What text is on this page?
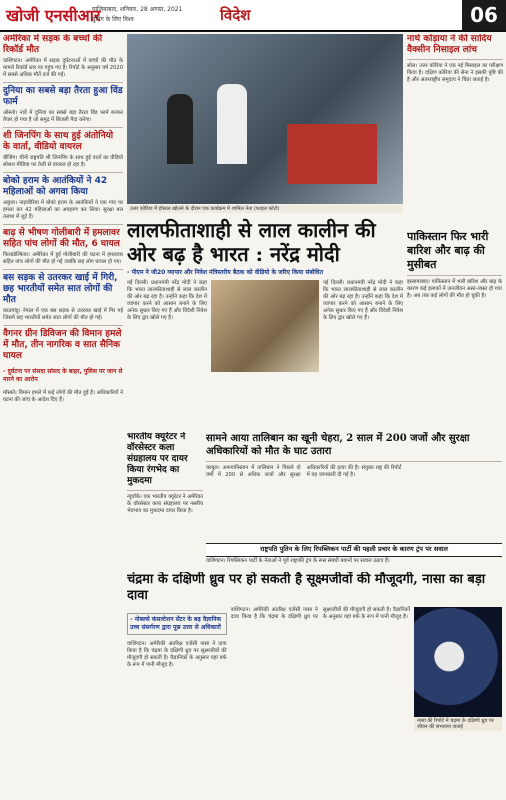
खोजी एनसीआर
गाजियाबाद, शनिवार, 28 अगस्त, 2021
ग्रुपिंग के लिए विश्व	विदेश	06

अमेरिका में सड़क के बच्चों की रिकॉर्ड मौत

वाशिंगटन। अमेरिका में सड़क दुर्घटनाओं में बच्चों की मौत के मामले रिकॉर्ड स्तर पर पहुंच गए हैं। रिपोर्ट के अनुसार वर्ष 2020 में सबसे अधिक मौतें दर्ज की गईं।

दुनिया का सबसे बड़ा तैरता हुआ विंड फार्म

ओस्लो। नार्वे में दुनिया का सबसे बड़ा तैरता विंड फार्म बनकर तैयार हो गया है जो समुद्र में बिजली पैदा करेगा।

शी जिनपिंग के साथ हुई अंतोनियो के वार्ता, वीडियो वायरल

बीजिंग। चीनी राष्ट्रपति शी जिनपिंग के साथ हुई वार्ता का वीडियो सोशल मीडिया पर तेजी से वायरल हो रहा है।

बोको हराम के आतंकियों ने 42 महिलाओं को अगवा किया

अबुजा। नाइजीरिया में बोको हराम के आतंकियों ने एक गांव पर हमला कर 42 महिलाओं का अपहरण कर लिया। सुरक्षा बल तलाश में जुटे हैं।

बाढ़ से भीषण गोलीबारी में हमलावर सहित पांच लोगों की मौत, 6 घायल

फिलाडेल्फिया। अमेरिका में हुई गोलीबारी की घटना में हमलावर सहित पांच लोगों की मौत हो गई जबकि छह लोग घायल हो गए।

बस सड़क से उतरकर खाई में गिरी, छह भारतीयों समेत सात लोगों की मौत

काठमांडू। नेपाल में एक बस सड़क से उतरकर खाई में गिर गई जिसमें छह भारतीयों समेत सात लोगों की मौत हो गई।

वैगनर ग्रीन डिविजन की विमान हमले में मौत, तीन नागरिक व सात सैनिक घायल

- दुर्घटना पर संसदा सांसद के बाहर, पुलिस पर जान से मारने का आरोप

मॉस्को। विमान हमले में कई लोगों की मौत हुई है। अधिकारियों ने घटना की जांच के आदेश दिए हैं।

उत्तर कोरिया में हॉस्टल खोलने के दौरान एक कार्यक्रम में शामिल नेता (फाइल फोटो)
लालफीताशाही से लाल कालीन की ओर बढ़ है भारत : नरेंद्र मोदी

- पीएम ने जी20 व्यापार और निवेश मंत्रिस्तरीय बैठक को वीडियो के जरिए किया संबोधित

नई दिल्ली। प्रधानमंत्री नरेंद्र मोदी ने कहा कि भारत लालफीताशाही से लाल कालीन की ओर बढ़ रहा है। उन्होंने कहा कि देश में व्यापार करने को आसान बनाने के लिए अनेक सुधार किए गए हैं और विदेशी निवेश के लिए द्वार खोले गए हैं।

नई दिल्ली। प्रधानमंत्री नरेंद्र मोदी ने कहा कि भारत लालफीताशाही से लाल कालीन की ओर बढ़ रहा है। उन्होंने कहा कि देश में व्यापार करने को आसान बनाने के लिए अनेक सुधार किए गए हैं और विदेशी निवेश के लिए द्वार खोले गए हैं।

भारतीय क्यूरेटर ने वॉरसेस्टर कला संग्रहालय पर दायर किया रंगभेद का मुकदमा

न्यूयॉर्क। एक भारतीय क्यूरेटर ने अमेरिका के वॉरसेस्टर कला संग्रहालय पर नस्लीय भेदभाव का मुकदमा दायर किया है।

सामने आया तालिबान का खूनी चेहरा, 2 साल में 200 जजों और सुरक्षा अधिकारियों को मौत के घाट उतारा

काबुल। अफगानिस्तान में तालिबान ने पिछले दो वर्षों में 200 से अधिक जजों और सुरक्षा अधिकारियों की हत्या की है। संयुक्त राष्ट्र की रिपोर्ट में यह जानकारी दी गई है।

राष्ट्रपति पुतिन के लिए रिपब्लिकन पार्टी की पहली प्रचार के कारण ट्रंप पर सवाल

वाशिंगटन। रिपब्लिकन पार्टी के नेताओं ने पूर्व राष्ट्रपति ट्रंप के रूस संबंधी बयानों पर सवाल उठाए हैं।

चंद्रमा के दक्षिणी ध्रुव पर हो सकती है सूक्ष्मजीवों की मौजूदगी, नासा का बड़ा दावा

- नोबल्से कंसल्टेशन सेंटर के बढ़ वैज्ञानिक उच्च संसर्गरण द्वारा पूछ उत्तर से अधिकारों

वाशिंगटन। अमेरिकी अंतरिक्ष एजेंसी नासा ने दावा किया है कि चंद्रमा के दक्षिणी ध्रुव पर सूक्ष्मजीवों की मौजूदगी हो सकती है। वैज्ञानिकों के अनुसार यहां बर्फ के रूप में पानी मौजूद है।

वाशिंगटन। अमेरिकी अंतरिक्ष एजेंसी नासा ने दावा किया है कि चंद्रमा के दक्षिणी ध्रुव पर सूक्ष्मजीवों की मौजूदगी हो सकती है। वैज्ञानिकों के अनुसार यहां बर्फ के रूप में पानी मौजूद है।

नासा की रिपोर्ट में चंद्रमा के दक्षिणी ध्रुव पर जीवन की संभावना जताई

नार्थ कोड़ाया ने की सादिय वैक्सीन निसाइल लांच

सोल। उत्तर कोरिया ने एक नई मिसाइल का परीक्षण किया है। दक्षिण कोरिया की सेना ने इसकी पुष्टि की है और अंतरराष्ट्रीय समुदाय ने चिंता जताई है।

पाकिस्तान फिर भारी बारिश और बाढ़ की मुसीबत

इस्लामाबाद। पाकिस्तान में भारी बारिश और बाढ़ के कारण कई इलाकों में जनजीवन अस्त-व्यस्त हो गया है। अब तक कई लोगों की मौत हो चुकी है।
